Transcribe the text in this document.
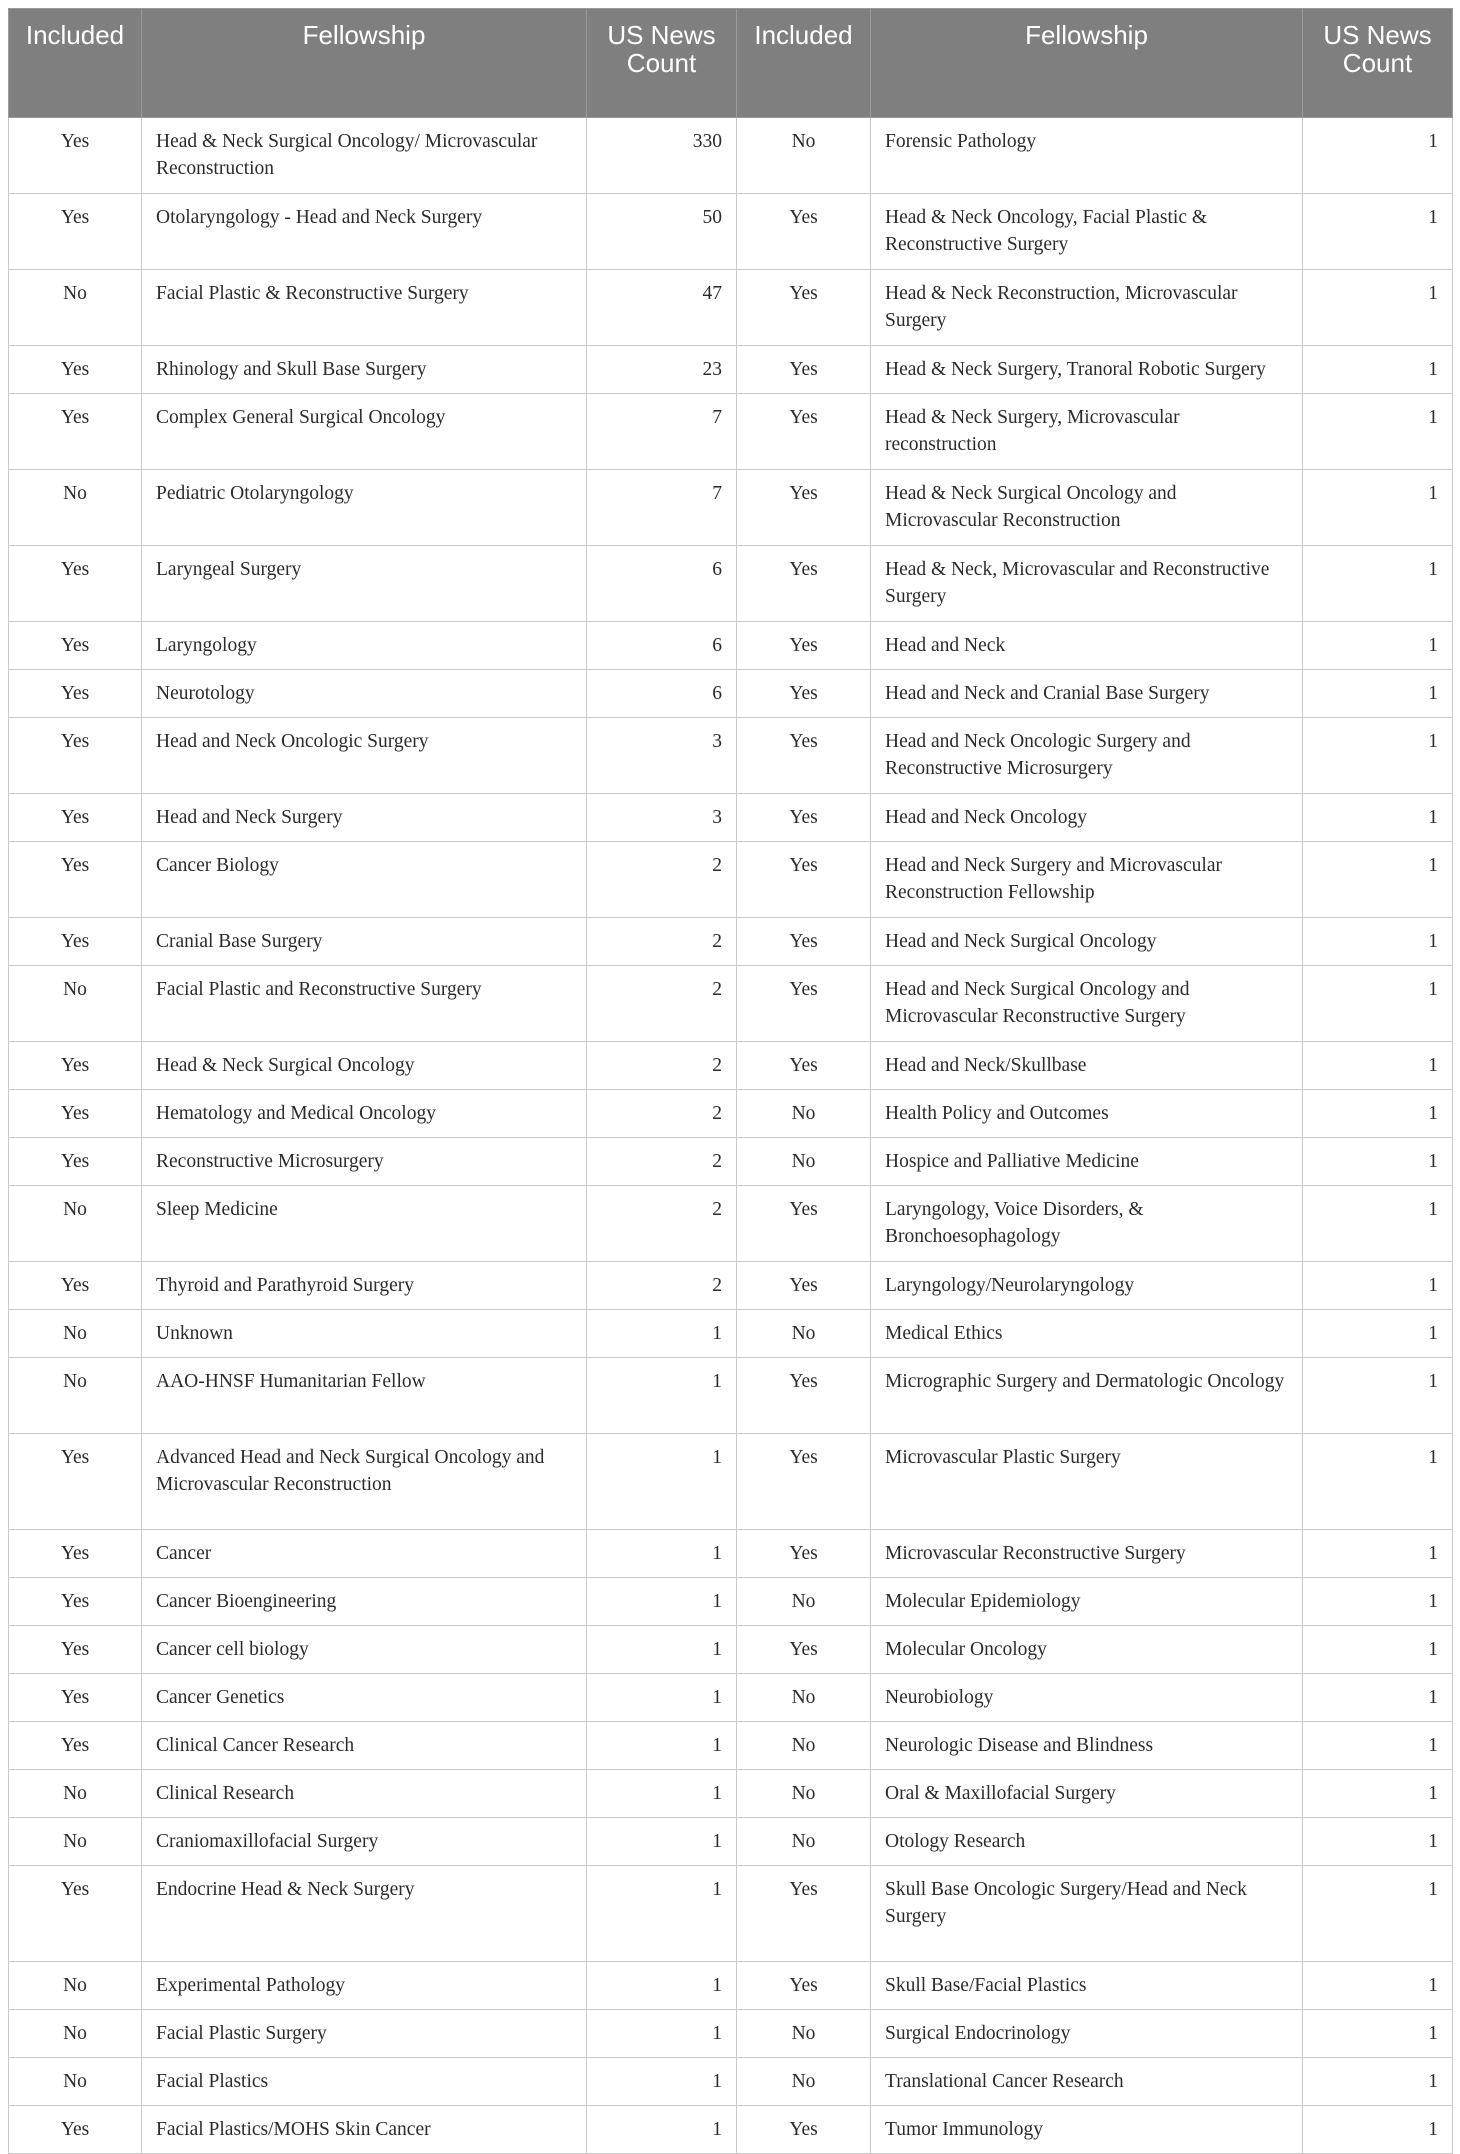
Included	Fellowship	US News Count	Included	Fellowship	US News Count
Yes	Head & Neck Surgical Oncology/ Microvascular Reconstruction	330	No	Forensic Pathology	1
Yes	Otolaryngology - Head and Neck Surgery	50	Yes	Head & Neck Oncology, Facial Plastic & Reconstructive Surgery	1
No	Facial Plastic & Reconstructive Surgery	47	Yes	Head & Neck Reconstruction, Microvascular Surgery	1
Yes	Rhinology and Skull Base Surgery	23	Yes	Head & Neck Surgery, Tranoral Robotic Surgery	1
Yes	Complex General Surgical Oncology	7	Yes	Head & Neck Surgery, Microvascular reconstruction	1
No	Pediatric Otolaryngology	7	Yes	Head & Neck Surgical Oncology and Microvascular Reconstruction	1
Yes	Laryngeal Surgery	6	Yes	Head & Neck, Microvascular and Reconstructive Surgery	1
Yes	Laryngology	6	Yes	Head and Neck	1
Yes	Neurotology	6	Yes	Head and Neck and Cranial Base Surgery	1
Yes	Head and Neck Oncologic Surgery	3	Yes	Head and Neck Oncologic Surgery and Reconstructive Microsurgery	1
Yes	Head and Neck Surgery	3	Yes	Head and Neck Oncology	1
Yes	Cancer Biology	2	Yes	Head and Neck Surgery and Microvascular Reconstruction Fellowship	1
Yes	Cranial Base Surgery	2	Yes	Head and Neck Surgical Oncology	1
No	Facial Plastic and Reconstructive Surgery	2	Yes	Head and Neck Surgical Oncology and Microvascular Reconstructive Surgery	1
Yes	Head & Neck Surgical Oncology	2	Yes	Head and Neck/Skullbase	1
Yes	Hematology and Medical Oncology	2	No	Health Policy and Outcomes	1
Yes	Reconstructive Microsurgery	2	No	Hospice and Palliative Medicine	1
No	Sleep Medicine	2	Yes	Laryngology, Voice Disorders, & Bronchoesophagology	1
Yes	Thyroid and Parathyroid Surgery	2	Yes	Laryngology/Neurolaryngology	1
No	Unknown	1	No	Medical Ethics	1
No	AAO-HNSF Humanitarian Fellow	1	Yes	Micrographic Surgery and Dermatologic Oncology	1
Yes	Advanced Head and Neck Surgical Oncology and Microvascular Reconstruction	1	Yes	Microvascular Plastic Surgery	1
Yes	Cancer	1	Yes	Microvascular Reconstructive Surgery	1
Yes	Cancer Bioengineering	1	No	Molecular Epidemiology	1
Yes	Cancer cell biology	1	Yes	Molecular Oncology	1
Yes	Cancer Genetics	1	No	Neurobiology	1
Yes	Clinical Cancer Research	1	No	Neurologic Disease and Blindness	1
No	Clinical Research	1	No	Oral & Maxillofacial Surgery	1
No	Craniomaxillofacial Surgery	1	No	Otology Research	1
Yes	Endocrine Head & Neck Surgery	1	Yes	Skull Base Oncologic Surgery/Head and Neck Surgery	1
No	Experimental Pathology	1	Yes	Skull Base/Facial Plastics	1
No	Facial Plastic Surgery	1	No	Surgical Endocrinology	1
No	Facial Plastics	1	No	Translational Cancer Research	1
Yes	Facial Plastics/MOHS Skin Cancer	1	Yes	Tumor Immunology	1
